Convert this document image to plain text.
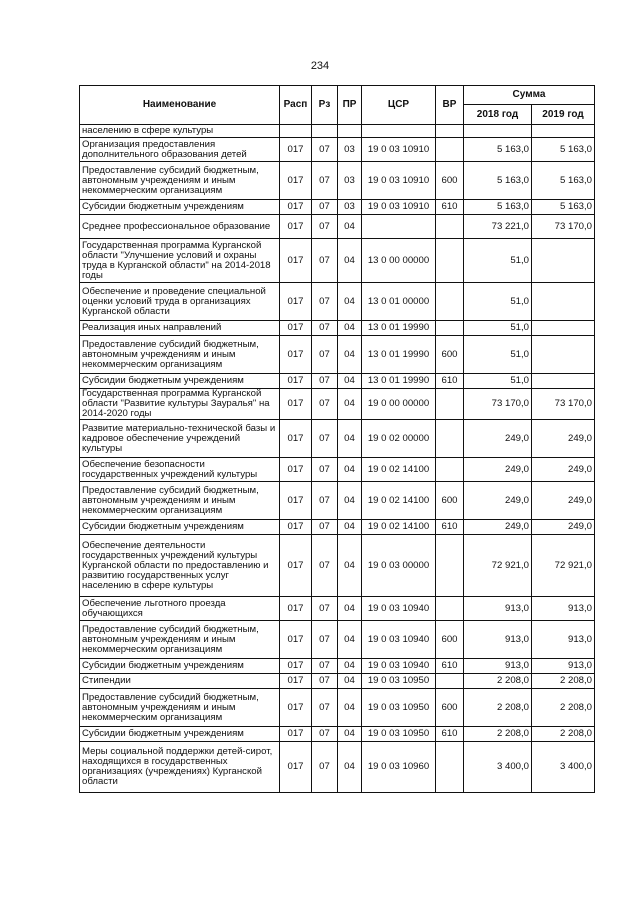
234
Наименование	Расп	Рз	ПР	ЦСР	ВР	Сумма	
						2018 год	2019 год
населению в сфере культуры							
Организация предоставления дополнительного образования детей	017	07	03	19 0 03 10910		5 163,0	5 163,0
Предоставление субсидий бюджетным, автономным учреждениям и иным некоммерческим организациям	017	07	03	19 0 03 10910	600	5 163,0	5 163,0
Субсидии бюджетным учреждениям	017	07	03	19 0 03 10910	610	5 163,0	5 163,0
Среднее профессиональное образование	017	07	04			73 221,0	73 170,0
Государственная программа Курганской области "Улучшение условий и охраны труда в Курганской области" на 2014-2018 годы	017	07	04	13 0 00 00000		51,0	
Обеспечение и проведение специальной оценки условий труда в организациях Курганской области	017	07	04	13 0 01 00000		51,0	
Реализация иных направлений	017	07	04	13 0 01 19990		51,0	
Предоставление субсидий бюджетным, автономным учреждениям и иным некоммерческим организациям	017	07	04	13 0 01 19990	600	51,0	
Субсидии бюджетным учреждениям	017	07	04	13 0 01 19990	610	51,0	
Государственная программа Курганской области "Развитие культуры Зауралья" на 2014-2020 годы	017	07	04	19 0 00 00000		73 170,0	73 170,0
Развитие материально-технической базы и кадровое обеспечение учреждений культуры	017	07	04	19 0 02 00000		249,0	249,0
Обеспечение безопасности государственных учреждений культуры	017	07	04	19 0 02 14100		249,0	249,0
Предоставление субсидий бюджетным, автономным учреждениям и иным некоммерческим организациям	017	07	04	19 0 02 14100	600	249,0	249,0
Субсидии бюджетным учреждениям	017	07	04	19 0 02 14100	610	249,0	249,0
Обеспечение деятельности государственных учреждений культуры Курганской области по предоставлению и развитию государственных услуг населению в сфере культуры	017	07	04	19 0 03 00000		72 921,0	72 921,0
Обеспечение льготного проезда обучающихся	017	07	04	19 0 03 10940		913,0	913,0
Предоставление субсидий бюджетным, автономным учреждениям и иным некоммерческим организациям	017	07	04	19 0 03 10940	600	913,0	913,0
Субсидии бюджетным учреждениям	017	07	04	19 0 03 10940	610	913,0	913,0
Стипендии	017	07	04	19 0 03 10950		2 208,0	2 208,0
Предоставление субсидий бюджетным, автономным учреждениям и иным некоммерческим организациям	017	07	04	19 0 03 10950	600	2 208,0	2 208,0
Субсидии бюджетным учреждениям	017	07	04	19 0 03 10950	610	2 208,0	2 208,0
Меры социальной поддержки детей-сирот, находящихся в государственных организациях (учреждениях) Курганской области	017	07	04	19 0 03 10960		3 400,0	3 400,0
